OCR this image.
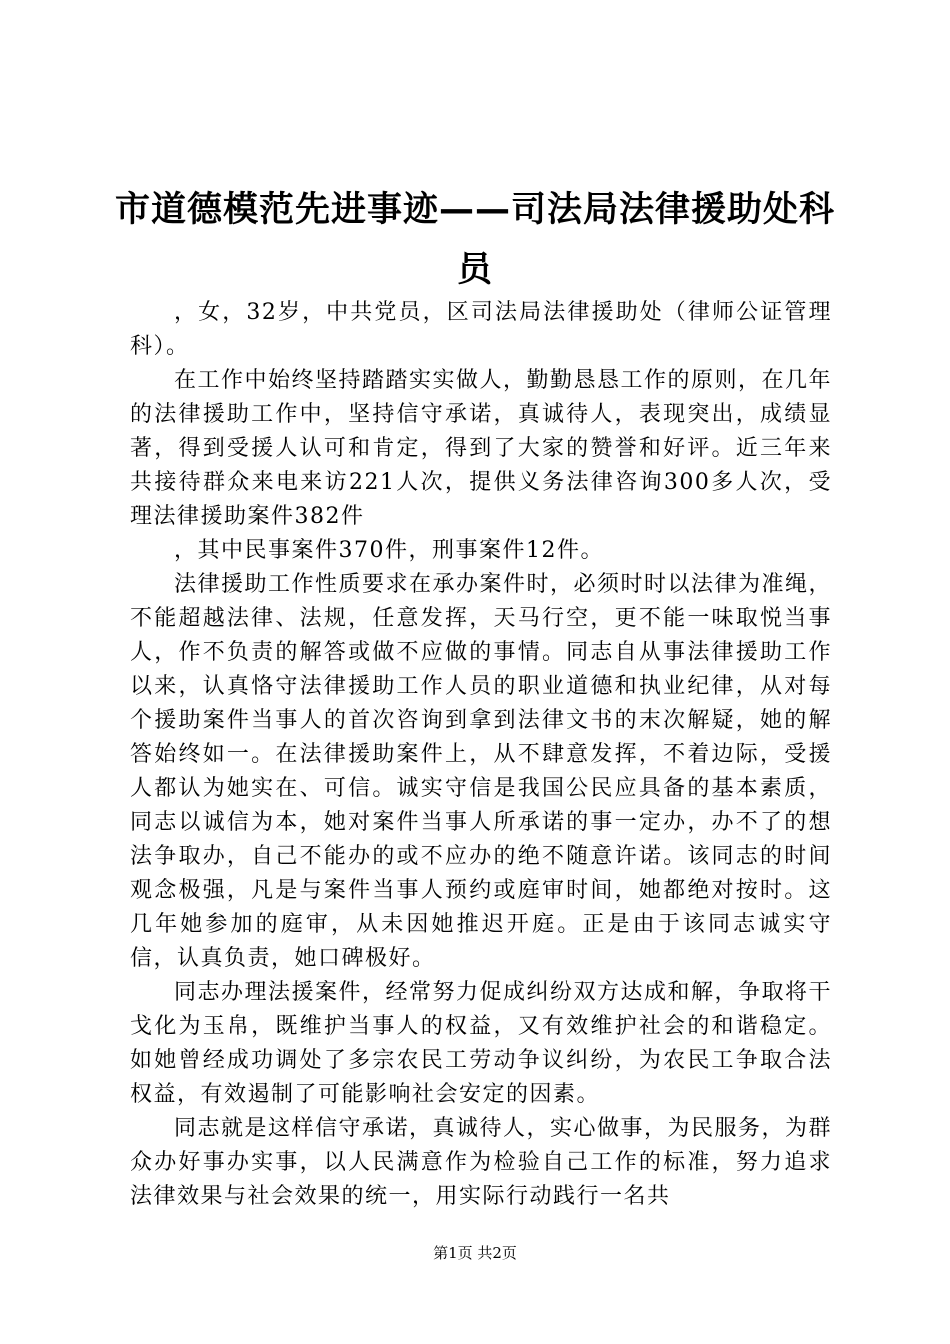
市道德模范先进事迹——司法局法律援助处科员

，女，32岁，中共党员，区司法局法律援助处（律师公证管理科）。

在工作中始终坚持踏踏实实做人，勤勤恳恳工作的原则，在几年的法律援助工作中，坚持信守承诺，真诚待人，表现突出，成绩显著，得到受援人认可和肯定，得到了大家的赞誉和好评。近三年来共接待群众来电来访221人次，提供义务法律咨询300多人次，受理法律援助案件382件

，其中民事案件370件，刑事案件12件。

法律援助工作性质要求在承办案件时，必须时时以法律为准绳，不能超越法律、法规，任意发挥，天马行空，更不能一味取悦当事人，作不负责的解答或做不应做的事情。同志自从事法律援助工作以来，认真恪守法律援助工作人员的职业道德和执业纪律，从对每个援助案件当事人的首次咨询到拿到法律文书的末次解疑，她的解答始终如一。在法律援助案件上，从不肆意发挥，不着边际，受援人都认为她实在、可信。诚实守信是我国公民应具备的基本素质，同志以诚信为本，她对案件当事人所承诺的事一定办，办不了的想法争取办，自己不能办的或不应办的绝不随意许诺。该同志的时间观念极强，凡是与案件当事人预约或庭审时间，她都绝对按时。这几年她参加的庭审，从未因她推迟开庭。正是由于该同志诚实守信，认真负责，她口碑极好。

同志办理法援案件，经常努力促成纠纷双方达成和解，争取将干戈化为玉帛，既维护当事人的权益，又有效维护社会的和谐稳定。如她曾经成功调处了多宗农民工劳动争议纠纷，为农民工争取合法权益，有效遏制了可能影响社会安定的因素。

同志就是这样信守承诺，真诚待人，实心做事，为民服务，为群众办好事办实事，以人民满意作为检验自己工作的标准，努力追求法律效果与社会效果的统一，用实际行动践行一名共

第1页 共2页
